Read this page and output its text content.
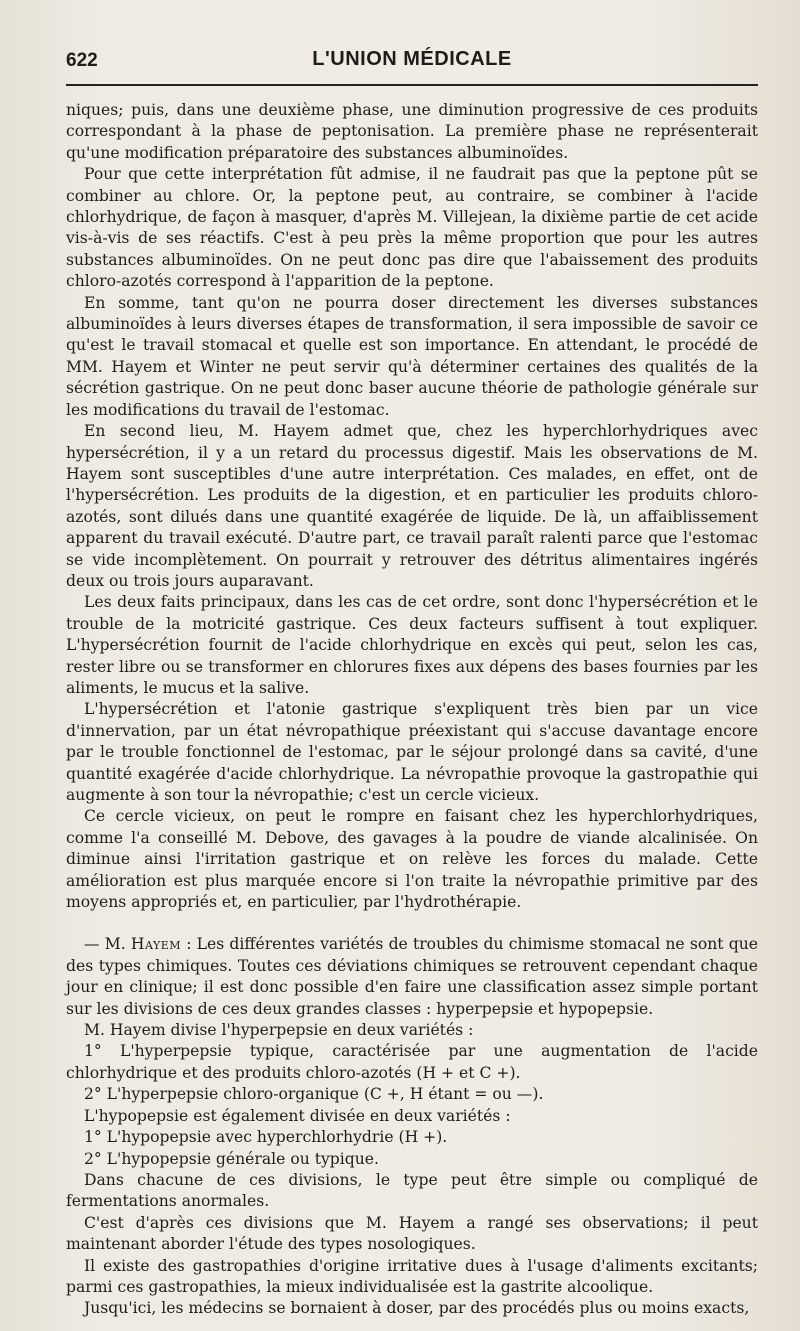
622	L'UNION MÉDICALE

niques; puis, dans une deuxième phase, une diminution progressive de ces produits correspondant à la phase de peptonisation. La première phase ne représenterait qu'une modification préparatoire des substances albuminoïdes.

Pour que cette interprétation fût admise, il ne faudrait pas que la peptone pût se combiner au chlore. Or, la peptone peut, au contraire, se combiner à l'acide chlorhydrique, de façon à masquer, d'après M. Villejean, la dixième partie de cet acide vis-à-vis de ses réactifs. C'est à peu près la même proportion que pour les autres substances albuminoïdes. On ne peut donc pas dire que l'abaissement des produits chloro-azotés correspond à l'apparition de la peptone.

En somme, tant qu'on ne pourra doser directement les diverses substances albuminoïdes à leurs diverses étapes de transformation, il sera impossible de savoir ce qu'est le travail stomacal et quelle est son importance. En attendant, le procédé de MM. Hayem et Winter ne peut servir qu'à déterminer certaines des qualités de la sécrétion gastrique. On ne peut donc baser aucune théorie de pathologie générale sur les modifications du travail de l'estomac.

En second lieu, M. Hayem admet que, chez les hyperchlorhydriques avec hypersécrétion, il y a un retard du processus digestif. Mais les observations de M. Hayem sont susceptibles d'une autre interprétation. Ces malades, en effet, ont de l'hypersécrétion. Les produits de la digestion, et en particulier les produits chloro-azotés, sont dilués dans une quantité exagérée de liquide. De là, un affaiblissement apparent du travail exécuté. D'autre part, ce travail paraît ralenti parce que l'estomac se vide incomplètement. On pourrait y retrouver des détritus alimentaires ingérés deux ou trois jours auparavant.

Les deux faits principaux, dans les cas de cet ordre, sont donc l'hypersécrétion et le trouble de la motricité gastrique. Ces deux facteurs suffisent à tout expliquer. L'hypersécrétion fournit de l'acide chlorhydrique en excès qui peut, selon les cas, rester libre ou se transformer en chlorures fixes aux dépens des bases fournies par les aliments, le mucus et la salive.

L'hypersécrétion et l'atonie gastrique s'expliquent très bien par un vice d'innervation, par un état névropathique préexistant qui s'accuse davantage encore par le trouble fonctionnel de l'estomac, par le séjour prolongé dans sa cavité, d'une quantité exagérée d'acide chlorhydrique. La névropathie provoque la gastropathie qui augmente à son tour la névropathie; c'est un cercle vicieux.

Ce cercle vicieux, on peut le rompre en faisant chez les hyperchlorhydriques, comme l'a conseillé M. Debove, des gavages à la poudre de viande alcalinisée. On diminue ainsi l'irritation gastrique et on relève les forces du malade. Cette amélioration est plus marquée encore si l'on traite la névropathie primitive par des moyens appropriés et, en particulier, par l'hydrothérapie.

— M. Hayem : Les différentes variétés de troubles du chimisme stomacal ne sont que des types chimiques. Toutes ces déviations chimiques se retrouvent cependant chaque jour en clinique; il est donc possible d'en faire une classification assez simple portant sur les divisions de ces deux grandes classes : hyperpepsie et hypopepsie.

M. Hayem divise l'hyperpepsie en deux variétés :

1° L'hyperpepsie typique, caractérisée par une augmentation de l'acide chlorhydrique et des produits chloro-azotés (H + et C +).

2° L'hyperpepsie chloro-organique (C +, H étant = ou —).

L'hypopepsie est également divisée en deux variétés :

1° L'hypopepsie avec hyperchlorhydrie (H +).

2° L'hypopepsie générale ou typique.

Dans chacune de ces divisions, le type peut être simple ou compliqué de fermentations anormales.

C'est d'après ces divisions que M. Hayem a rangé ses observations; il peut maintenant aborder l'étude des types nosologiques.

Il existe des gastropathies d'origine irritative dues à l'usage d'aliments excitants; parmi ces gastropathies, la mieux individualisée est la gastrite alcoolique.

Jusqu'ici, les médecins se bornaient à doser, par des procédés plus ou moins exacts,
